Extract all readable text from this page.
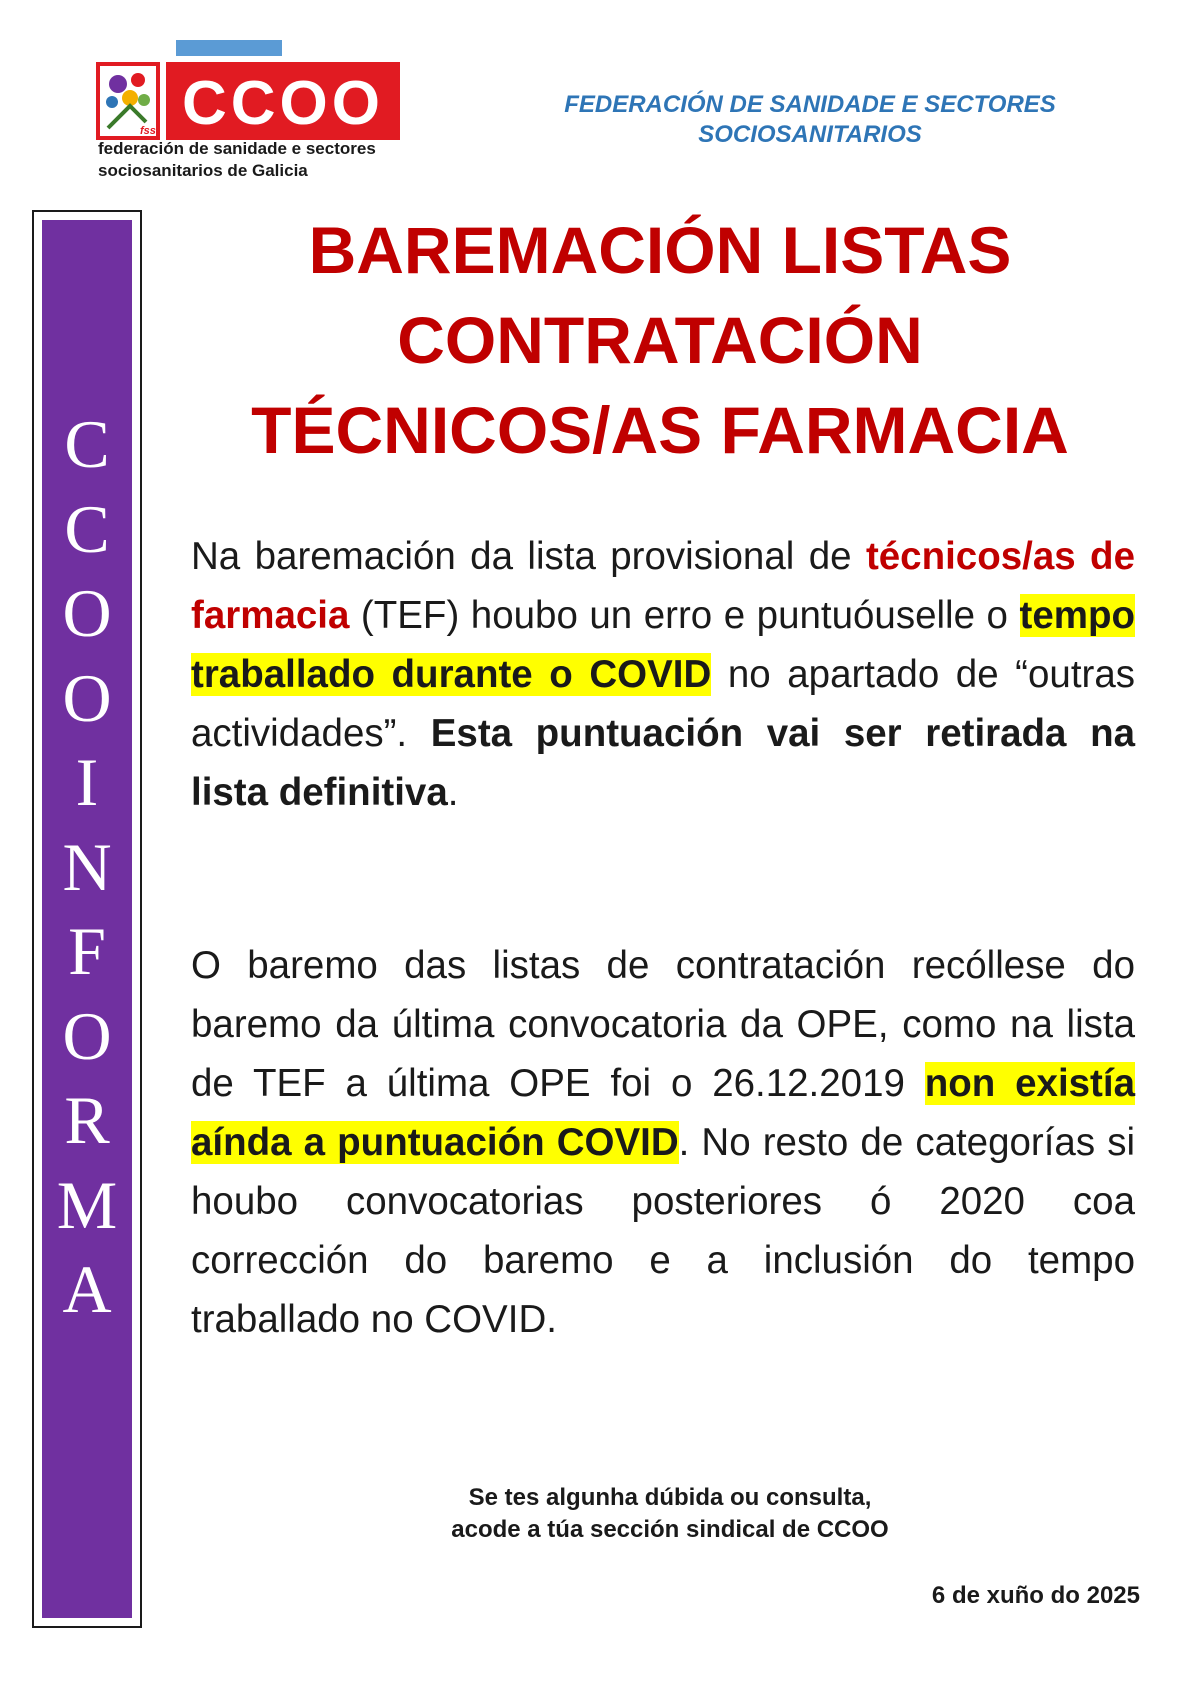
fss CCOO
federación de sanidade e sectores
sociosanitarios de Galicia
FEDERACIÓN DE SANIDADE E SECTORES
SOCIOSANITARIOS
C
C
O
O
I
N
F
O
R
M
A
BAREMACIÓN LISTAS
CONTRATACIÓN
TÉCNICOS/AS FARMACIA
Na baremación da lista provisional de técnicos/as de farmacia (TEF) houbo un erro e puntuóuselle o tempo traballado durante o COVID no apartado de “outras actividades”. Esta puntuación vai ser retirada na lista definitiva.
O baremo das listas de contratación recóllese do baremo da última convocatoria da OPE, como na lista de TEF a última OPE foi o 26.12.2019 non existía aínda a puntuación COVID. No resto de categorías si houbo convocatorias posteriores ó 2020 coa corrección do baremo e a inclusión do tempo traballado no COVID.
Se tes algunha dúbida ou consulta,
acode a túa sección sindical de CCOO
6 de xuño do 2025
